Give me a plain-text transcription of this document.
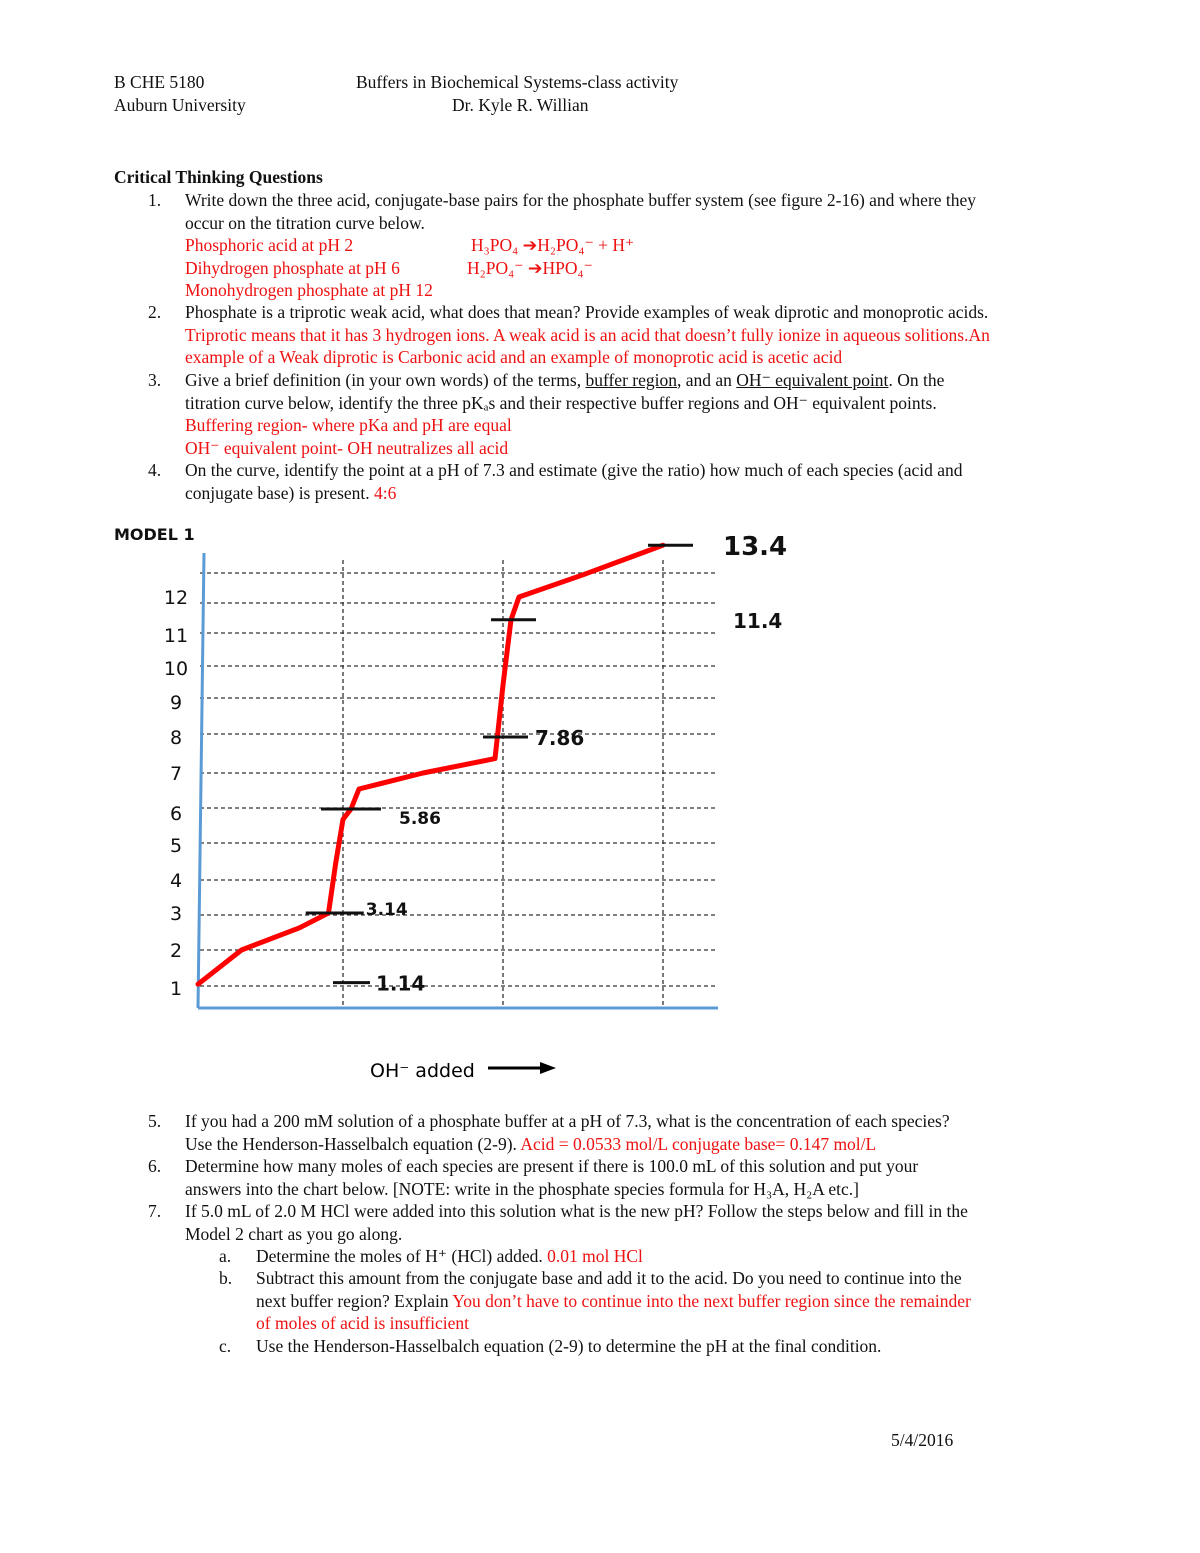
B CHE 5180
Auburn University
Buffers in Biochemical Systems-class activity
Dr. Kyle R. Willian
Critical Thinking Questions
1.	Write down the three acid, conjugate-base pairs for the phosphate buffer system (see figure 2-16) and where they
occur on the titration curve below.
Phosphoric acid at pH 2	H₃PO₄ ➔H₂PO₄⁻ + H⁺
Dihydrogen phosphate at pH 6	H₂PO₄⁻ ➔HPO₄⁻
Monohydrogen phosphate at pH 12
2.	Phosphate is a triprotic weak acid, what does that mean? Provide examples of weak diprotic and monoprotic acids.
Triprotic means that it has 3 hydrogen ions. A weak acid is an acid that doesn’t fully ionize in aqueous solitions.An
example of a Weak diprotic is Carbonic acid and an example of monoprotic acid is acetic acid
3.	Give a brief definition (in your own words) of the terms, buffer region, and an OH⁻ equivalent point. On the
titration curve below, identify the three pKₐs and their respective buffer regions and OH⁻ equivalent points.
Buffering region- where pKa and pH are equal
OH⁻ equivalent point- OH neutralizes all acid
4.	On the curve, identify the point at a pH of 7.3 and estimate (give the ratio) how much of each species (acid and
conjugate base) is present. 4:6
MODEL 1
1
2
3
4
5
6
7
8
9
10
11
12
1.14
3.14
5.86
7.86
11.4
13.4
OH⁻ added
5.	If you had a 200 mM solution of a phosphate buffer at a pH of 7.3, what is the concentration of each species?
Use the Henderson-Hasselbalch equation (2-9). Acid = 0.0533 mol/L conjugate base= 0.147 mol/L
6.	Determine how many moles of each species are present if there is 100.0 mL of this solution and put your
answers into the chart below. [NOTE: write in the phosphate species formula for H₃A, H₂A etc.]
7.	If 5.0 mL of 2.0 M HCl were added into this solution what is the new pH? Follow the steps below and fill in the
Model 2 chart as you go along.
a. Determine the moles of H⁺ (HCl) added. 0.01 mol HCl
b. Subtract this amount from the conjugate base and add it to the acid. Do you need to continue into the
next buffer region? Explain You don’t have to continue into the next buffer region since the remainder
of moles of acid is insufficient
c. Use the Henderson-Hasselbalch equation (2-9) to determine the pH at the final condition.
5/4/2016
